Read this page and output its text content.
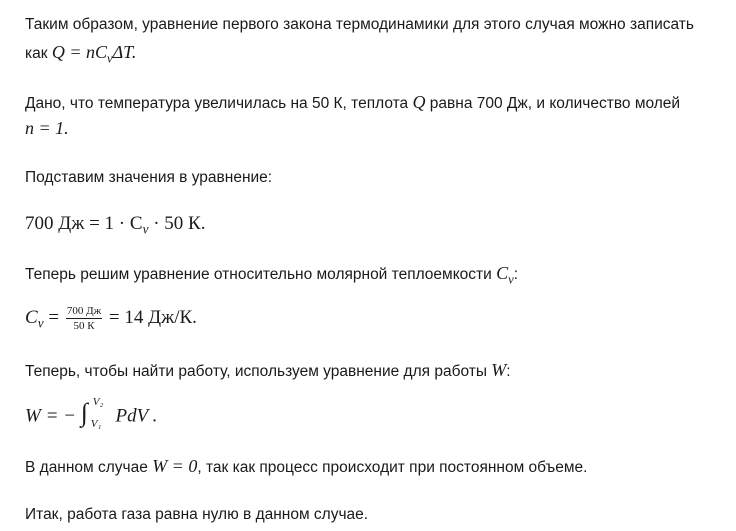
Таким образом, уравнение первого закона термодинамики для этого случая можно записать
как $Q = nC_v\Delta T$.
Дано, что температура увеличилась на 50 К, теплота Q равна 700 Дж, и количество молей
n = 1.
Подставим значения в уравнение:
700 Дж = $1 \cdot C_v \cdot 50$ К.
Теперь решим уравнение относительно молярной теплоемкости $C_v$:
$C_v = \frac{700 Дж}{50 К} = 14$ Дж/К.
Теперь, чтобы найти работу, используем уравнение для работы W:
W = − ∫ V₂
V₁ PdV .
В данном случае W = 0, так как процесс происходит при постоянном объеме.
Итак, работа газа равна нулю в данном случае.
